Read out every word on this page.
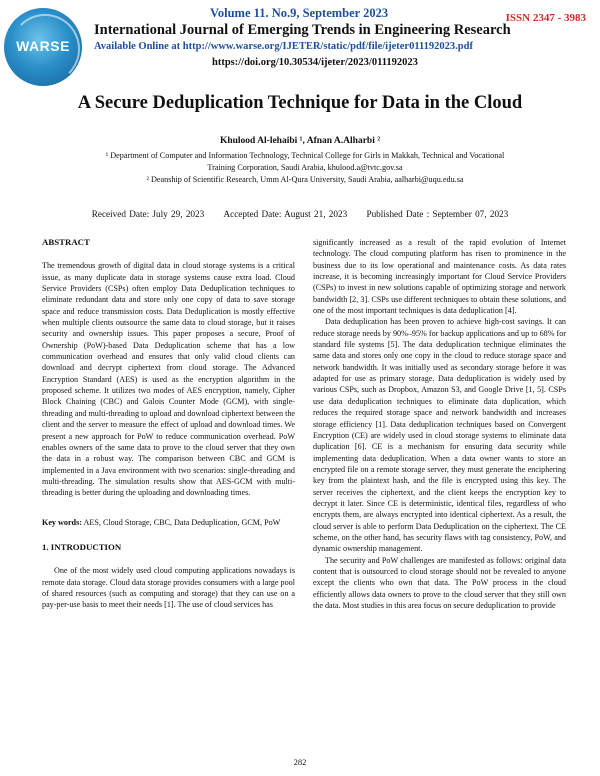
WARSE
ISSN 2347 - 3983
Volume 11. No.9, September 2023
International Journal of Emerging Trends in Engineering Research
Available Online at http://www.warse.org/IJETER/static/pdf/file/ijeter011192023.pdf
https://doi.org/10.30534/ijeter/2023/011192023
A Secure Deduplication Technique for Data in the Cloud
Khulood Al-lehaibi ¹, Afnan A.Alharbi ²
¹ Department of Computer and Information Technology, Technical College for Girls in Makkah, Technical and Vocational
Training Corporation, Saudi Arabia, khulood.a@tvtc.gov.sa
² Deanship of Scientific Research, Umm Al-Qura University, Saudi Arabia, aalharbi@uqu.edu.sa
Received Date: July 29, 2023 Accepted Date: August 21, 2023 Published Date : September 07, 2023

ABSTRACT

The tremendous growth of digital data in cloud storage systems is a critical issue, as many duplicate data in storage systems cause extra load. Cloud Service Providers (CSPs) often employ Data Deduplication techniques to eliminate redundant data and store only one copy of data to save storage space and reduce transmission costs. Data Deduplication is mostly effective when multiple clients outsource the same data to cloud storage, but it raises security and ownership issues. This paper proposes a secure, Proof of Ownership (PoW)-based Data Deduplication scheme that has a low communication overhead and ensures that only valid cloud clients can download and decrypt ciphertext from cloud storage. The Advanced Encryption Standard (AES) is used as the encryption algorithm in the proposed scheme. It utilizes two modes of AES encryption, namely, Cipher Block Chaining (CBC) and Galois Counter Mode (GCM), with single-threading and multi-threading to upload and download ciphertext between the client and the server to measure the effect of upload and download times. We present a new approach for PoW to reduce communication overhead. PoW enables owners of the same data to prove to the cloud server that they own the data in a robust way. The comparison between CBC and GCM is implemented in a Java environment with two scenarios: single-threading and multi-threading. The simulation results show that AES-GCM with multi-threading is better during the uploading and downloading times.

Key words: AES, Cloud Storage, CBC, Data Deduplication, GCM, PoW

1. INTRODUCTION

One of the most widely used cloud computing applications nowadays is remote data storage. Cloud data storage provides consumers with a large pool of shared resources (such as computing and storage) that they can use on a pay-per-use basis to meet their needs [1]. The use of cloud services has

significantly increased as a result of the rapid evolution of Internet technology. The cloud computing platform has risen to prominence in the business due to its low operational and maintenance costs. As data rates increase, it is becoming increasingly important for Cloud Service Providers (CSPs) to invest in new solutions capable of optimizing storage and network bandwidth [2, 3]. CSPs use different techniques to obtain these solutions, and one of the most important techniques is data deduplication [4].

Data deduplication has been proven to achieve high-cost savings. It can reduce storage needs by 90%–95% for backup applications and up to 68% for standard file systems [5]. The data deduplication technique eliminates the same data and stores only one copy in the cloud to reduce storage space and network bandwidth. It was initially used as secondary storage before it was adapted for use as primary storage. Data deduplication is widely used by various CSPs, such as Dropbox, Amazon S3, and Google Drive [1, 5]. CSPs use data deduplication techniques to eliminate data duplication, which reduces the required storage space and network bandwidth and increases storage efficiency [1]. Data deduplication techniques based on Convergent Encryption (CE) are widely used in cloud storage systems to eliminate data duplication [6]. CE is a mechanism for ensuring data security while implementing data deduplication. When a data owner wants to store an encrypted file on a remote storage server, they must generate the enciphering key from the plaintext hash, and the file is encrypted using this key. The server receives the ciphertext, and the client keeps the encryption key to decrypt it later. Since CE is deterministic, identical files, regardless of who encrypts them, are always encrypted into identical ciphertext. As a result, the cloud server is able to perform Data Deduplication on the ciphertext. The CE scheme, on the other hand, has security flaws with tag consistency, PoW, and dynamic ownership management.

The security and PoW challenges are manifested as follows: original data content that is outsourced to cloud storage should not be revealed to anyone except the clients who own that data. The PoW process in the cloud efficiently allows data owners to prove to the cloud server that they still own the data. Most studies in this area focus on secure deduplication to provide

282
